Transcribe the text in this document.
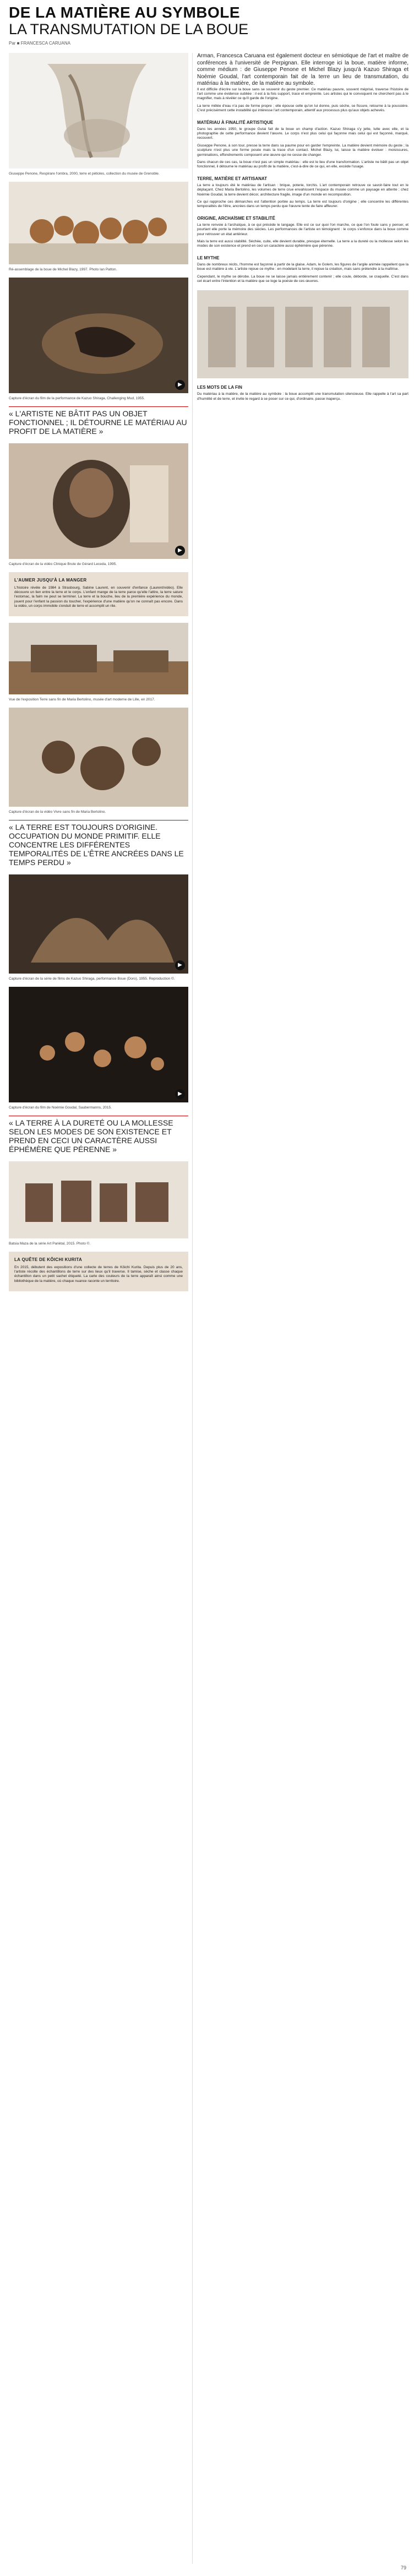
DE LA MATIÈRE AU SYMBOLE
LA TRANSMUTATION DE LA BOUE
Par ■ FRANCESCA CARUANA
Giuseppe Penone, Respirare l'ombra, 2000, terre et pétioles, collection du musée de Grenoble.
Ré-assemblage de la boue de Michel Blazy, 1997. Photo Ian Patton.
▶
Capture d'écran du film de la performance de Kazuo Shiraga, Challenging Mud, 1955.
« L'ARTISTE NE BÂTIT PAS UN OBJET FONCTIONNEL ; IL DÉTOURNE LE MATÉRIAU AU PROFIT DE LA MATIÈRE »
▶
Capture d'écran de la vidéo Clinique Brute de Gérard Leceda, 1995.
L'AUMER JUSQU'À LA MANGER

L'histoire révèle de 1984 à Strasbourg, Sabine Laurent, en souvenir d'enfance (Laurent/vidéo). Elle découvre un lien entre la terre et le corps. L'enfant mange de la terre parce qu'elle l'attire, la terre sature l'estomac, la faim ne peut se terminer. La terre et la bouche, lieu de la première expérience du monde, jouent pour l'enfant la passion du toucher, l'expérience d'une matière qu'on ne connaît pas encore. Dans la vidéo, un corps immobile s'enduit de terre et accomplit un rite.

Vue de l'exposition Terre sans fin de Maria Bertolino, musée d'art moderne de Lille, en 2017.
Capture d'écran de la vidéo Vivre sans fin de Maria Bertolino.
« LA TERRE EST TOUJOURS D'ORIGINE. OCCUPATION DU MONDE PRIMITIF. ELLE CONCENTRE LES DIFFÉRENTES TEMPORALITÉS DE L'ÊTRE ANCRÉES DANS LE TEMPS PERDU »
▶
Capture d'écran de la série de films de Kazuo Shiraga, performance Boue (Doro), 1955. Reproduction ©.
▶
Capture d'écran du film de Noémie Goudal, Saubermanns, 2015.
« LA TERRE À LA DURETÉ OU LA MOLLESSE SELON LES MODES DE SON EXISTENCE ET PREND EN CECI UN CARACTÈRE AUSSI ÉPHÉMÈRE QUE PÉRENNE »
Batsia Maza de la série Art Pariétal, 2015. Photo ©.
LA QUÊTE DE KÔICHI KURITA

En 2015, débutent des expositions d'une collecte de terres de Kôichi Kurita. Depuis plus de 20 ans, l'artiste récolte des échantillons de terre sur des lieux qu'il traverse. Il tamise, sèche et classe chaque échantillon dans un petit sachet étiqueté. La carte des couleurs de la terre apparaît ainsi comme une bibliothèque de la matière, où chaque nuance raconte un territoire.

Arman, Francesca Caruana est également docteur en sémiotique de l'art et maître de conférences à l'université de Perpignan. Elle interroge ici la boue, matière informe, comme médium : de Giuseppe Penone et Michel Blazy jusqu'à Kazuo Shiraga et Noémie Goudal, l'art contemporain fait de la terre un lieu de transmutation, du matériau à la matière, de la matière au symbole.

Il est difficile d'écrire sur la boue sans se souvenir du geste premier. Ce matériau pauvre, souvent méprisé, traverse l'histoire de l'art comme une évidence oubliée : il est à la fois support, trace et empreinte. Les artistes qui le convoquent ne cherchent pas à le magnifier, mais à révéler ce qu'il garde de l'origine.

La terre mêlée d'eau n'a pas de forme propre ; elle épouse celle qu'on lui donne, puis sèche, se fissure, retourne à la poussière. C'est précisément cette instabilité qui intéresse l'art contemporain, attentif aux processus plus qu'aux objets achevés.

MATÉRIAU À FINALITÉ ARTISTIQUE

Dans les années 1950, le groupe Gutai fait de la boue un champ d'action. Kazuo Shiraga s'y jette, lutte avec elle, et la photographie de cette performance devient l'œuvre. Le corps n'est plus celui qui façonne mais celui qui est façonné, marqué, recouvert.

Giuseppe Penone, à son tour, presse la terre dans sa paume pour en garder l'empreinte. La matière devient mémoire du geste ; la sculpture n'est plus une forme posée mais la trace d'un contact. Michel Blazy, lui, laisse la matière évoluer : moisissures, germinations, effondrements composent une œuvre qui ne cesse de changer.

Dans chacun de ces cas, la boue n'est pas un simple matériau : elle est le lieu d'une transformation. L'artiste ne bâtit pas un objet fonctionnel, il détourne le matériau au profit de la matière, c'est-à-dire de ce qui, en elle, excède l'usage.

TERRE, MATIÈRE ET ARTISANAT

La terre a toujours été le matériau de l'artisan : brique, poterie, torchis. L'art contemporain retrouve ce savoir-faire tout en le déplaçant. Chez Maria Bertolino, les volumes de terre crue envahissent l'espace du musée comme un paysage en attente ; chez Noémie Goudal, la terre devient décor, architecture fragile, image d'un monde en recomposition.

Ce qui rapproche ces démarches est l'attention portée au temps. La terre est toujours d'origine ; elle concentre les différentes temporalités de l'être, ancrées dans un temps perdu que l'œuvre tente de faire affleurer.

ORIGINE, ARCHAÏSME ET STABILITÉ

La terre renvoie à l'archaïque, à ce qui précède le langage. Elle est ce sur quoi l'on marche, ce que l'on foule sans y penser, et pourtant elle porte la mémoire des siècles. Les performances de l'artiste en témoignent : le corps s'enfonce dans la boue comme pour retrouver un état antérieur.

Mais la terre est aussi stabilité. Séchée, cuite, elle devient durable, presque éternelle. La terre a la dureté ou la mollesse selon les modes de son existence et prend en ceci un caractère aussi éphémère que pérenne.

LE MYTHE

Dans de nombreux récits, l'homme est façonné à partir de la glaise. Adam, le Golem, les figures de l'argile animée rappellent que la boue est matière à vie. L'artiste rejoue ce mythe : en modelant la terre, il rejoue la création, mais sans prétendre à la maîtrise.

Cependant, le mythe se dérobe. La boue ne se laisse jamais entièrement contenir ; elle coule, déborde, se craquelle. C'est dans cet écart entre l'intention et la matière que se loge la poésie de ces œuvres.

LES MOTS DE LA FIN

Du matériau à la matière, de la matière au symbole : la boue accomplit une transmutation silencieuse. Elle rappelle à l'art sa part d'humilité et de terre, et invite le regard à se poser sur ce qui, d'ordinaire, passe inaperçu.

79
